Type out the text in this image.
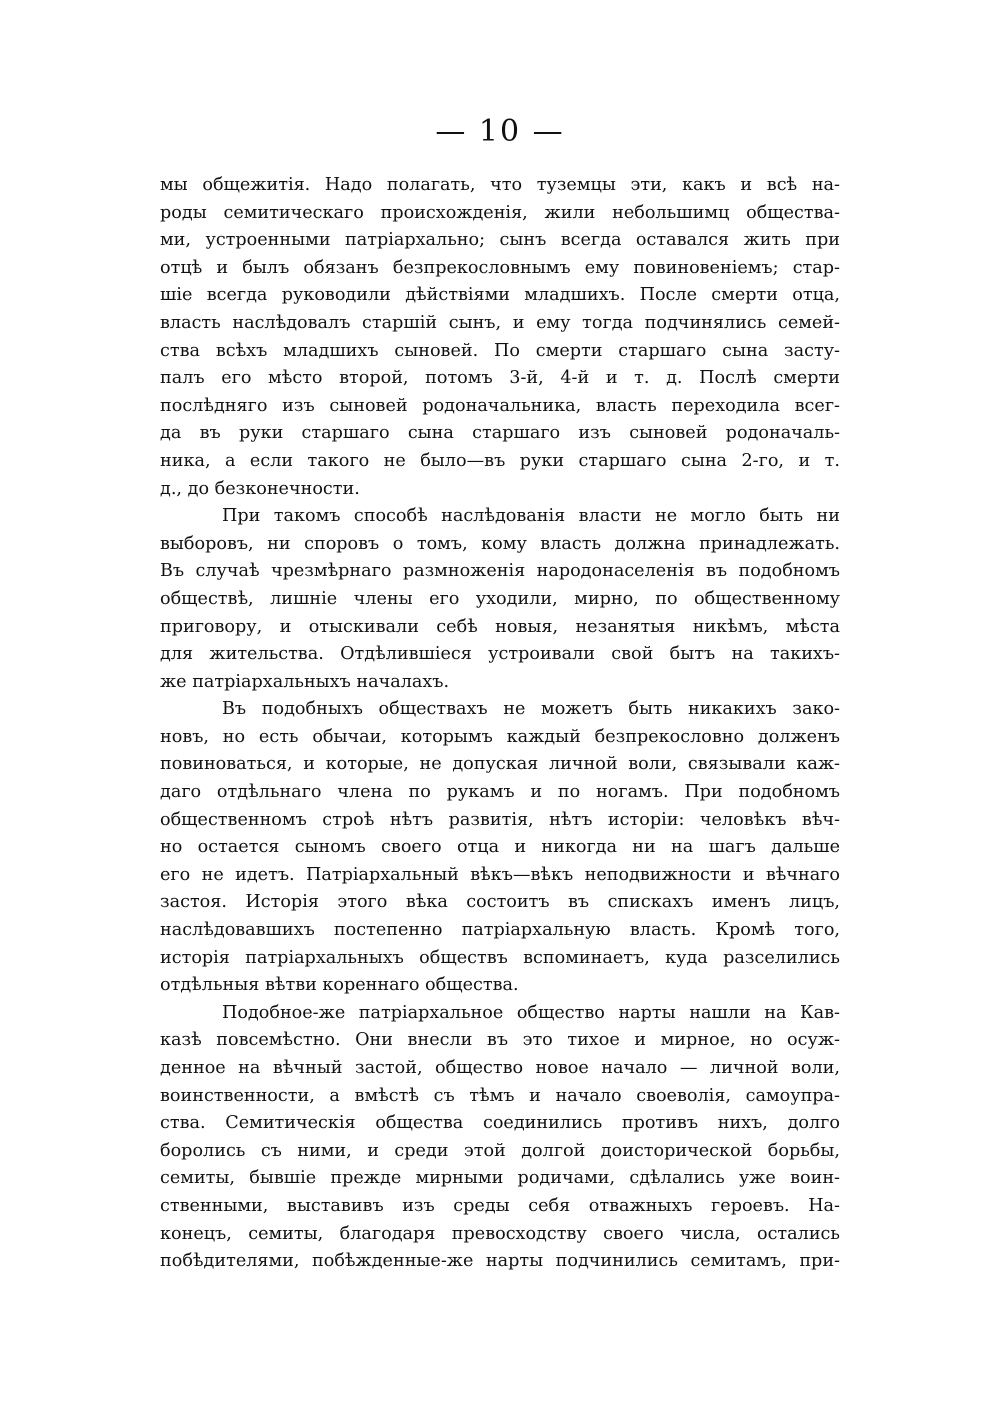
— 10 —
мы общежитія. Надо полагать, что туземцы эти, какъ и всѣ на-
роды семитическаго происхожденія, жили небольшимц общества-
ми, устроенными патріархально; сынъ всегда оставался жить при
отцѣ и былъ обязанъ безпрекословнымъ ему повиновеніемъ; стар-
шіе всегда руководили дѣйствіями младшихъ. После смерти отца,
власть наслѣдовалъ старшій сынъ, и ему тогда подчинялись семей-
ства всѣхъ младшихъ сыновей. По смерти старшаго сына засту-
палъ его мѣсто второй, потомъ 3-й, 4-й и т. д. Послѣ смерти
послѣдняго изъ сыновей родоначальника, власть переходила всег-
да въ руки старшаго сына старшаго изъ сыновей родоначаль-
ника, а если такого не было—въ руки старшаго сына 2-го, и т.
д., до безконечности.
При такомъ способѣ наслѣдованія власти не могло быть ни
выборовъ, ни споровъ о томъ, кому власть должна принадлежать.
Въ случаѣ чрезмѣрнаго размноженія народонаселенія въ подобномъ
обществѣ, лишніе члены его уходили, мирно, по общественному
приговору, и отыскивали себѣ новыя, незанятыя никѣмъ, мѣста
для жительства. Отдѣлившіеся устроивали свой бытъ на такихъ-
же патріархальныхъ началахъ.
Въ подобныхъ обществахъ не можетъ быть никакихъ зако-
новъ, но есть обычаи, которымъ каждый безпрекословно долженъ
повиноваться, и которые, не допуская личной воли, связывали каж-
даго отдѣльнаго члена по рукамъ и по ногамъ. При подобномъ
общественномъ строѣ нѣтъ развитія, нѣтъ исторіи: человѣкъ вѣч-
но остается сыномъ своего отца и никогда ни на шагъ дальше
его не идетъ. Патріархальный вѣкъ—вѣкъ неподвижности и вѣчнаго
застоя. Исторія этого вѣка состоитъ въ спискахъ именъ лицъ,
наслѣдовавшихъ постепенно патріархальную власть. Кромѣ того,
исторія патріархальныхъ обществъ вспоминаетъ, куда разселились
отдѣльныя вѣтви кореннаго общества.
Подобное-же патріархальное общество нарты нашли на Кав-
казѣ повсемѣстно. Они внесли въ это тихое и мирное, но осуж-
денное на вѣчный застой, общество новое начало — личной воли,
воинственности, а вмѣстѣ съ тѣмъ и начало своеволія, самоупра-
ства. Семитическія общества соединились противъ нихъ, долго
боролись съ ними, и среди этой долгой доисторической борьбы,
семиты, бывшіе прежде мирными родичами, сдѣлались уже воин-
ственными, выставивъ изъ среды себя отважныхъ героевъ. На-
конецъ, семиты, благодаря превосходству своего числа, остались
побѣдителями, побѣжденные-же нарты подчинились семитамъ, при-
